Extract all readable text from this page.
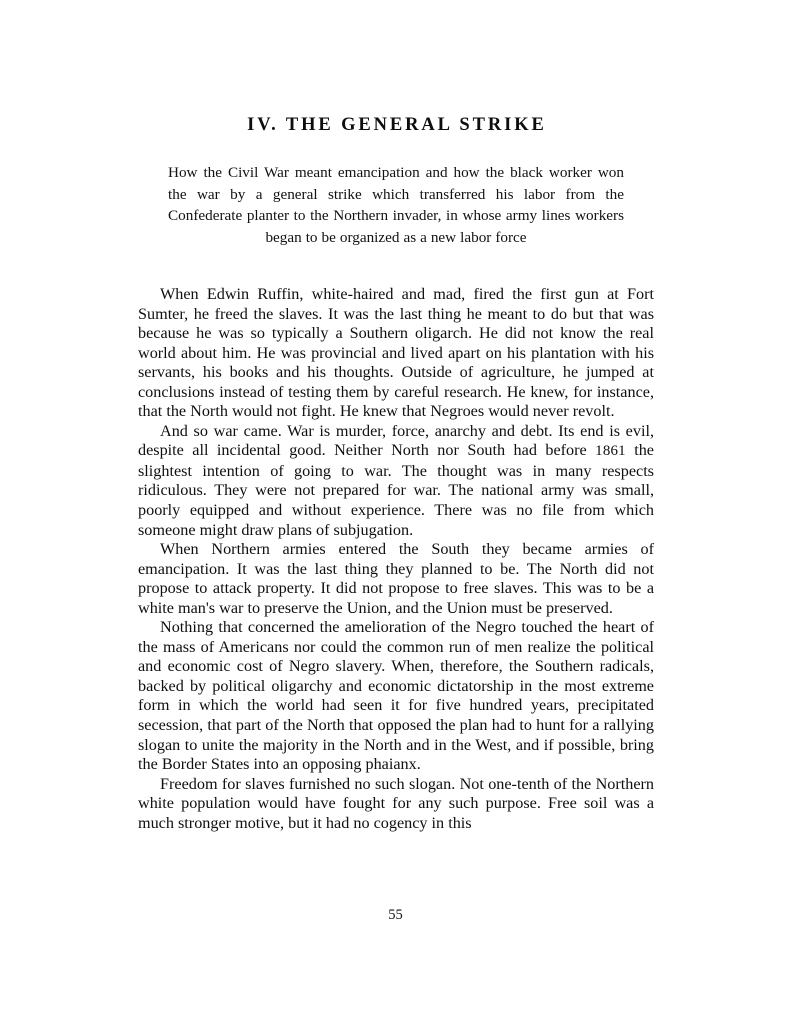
IV. THE GENERAL STRIKE
How the Civil War meant emancipation and how the black worker won the war by a general strike which transferred his labor from the Confederate planter to the Northern invader, in whose army lines workers began to be organized as a new labor force

When Edwin Ruffin, white-haired and mad, fired the first gun at Fort Sumter, he freed the slaves. It was the last thing he meant to do but that was because he was so typically a Southern oligarch. He did not know the real world about him. He was provincial and lived apart on his plantation with his servants, his books and his thoughts. Outside of agriculture, he jumped at conclusions instead of testing them by careful research. He knew, for instance, that the North would not fight. He knew that Negroes would never revolt.

And so war came. War is murder, force, anarchy and debt. Its end is evil, despite all incidental good. Neither North nor South had before 1861 the slightest intention of going to war. The thought was in many respects ridiculous. They were not prepared for war. The national army was small, poorly equipped and without experience. There was no file from which someone might draw plans of subjugation.

When Northern armies entered the South they became armies of emancipation. It was the last thing they planned to be. The North did not propose to attack property. It did not propose to free slaves. This was to be a white man's war to preserve the Union, and the Union must be preserved.

Nothing that concerned the amelioration of the Negro touched the heart of the mass of Americans nor could the common run of men realize the political and economic cost of Negro slavery. When, therefore, the Southern radicals, backed by political oligarchy and economic dictatorship in the most extreme form in which the world had seen it for five hundred years, precipitated secession, that part of the North that opposed the plan had to hunt for a rallying slogan to unite the majority in the North and in the West, and if possible, bring the Border States into an opposing phaianx.

Freedom for slaves furnished no such slogan. Not one-tenth of the Northern white population would have fought for any such purpose. Free soil was a much stronger motive, but it had no cogency in this

55
